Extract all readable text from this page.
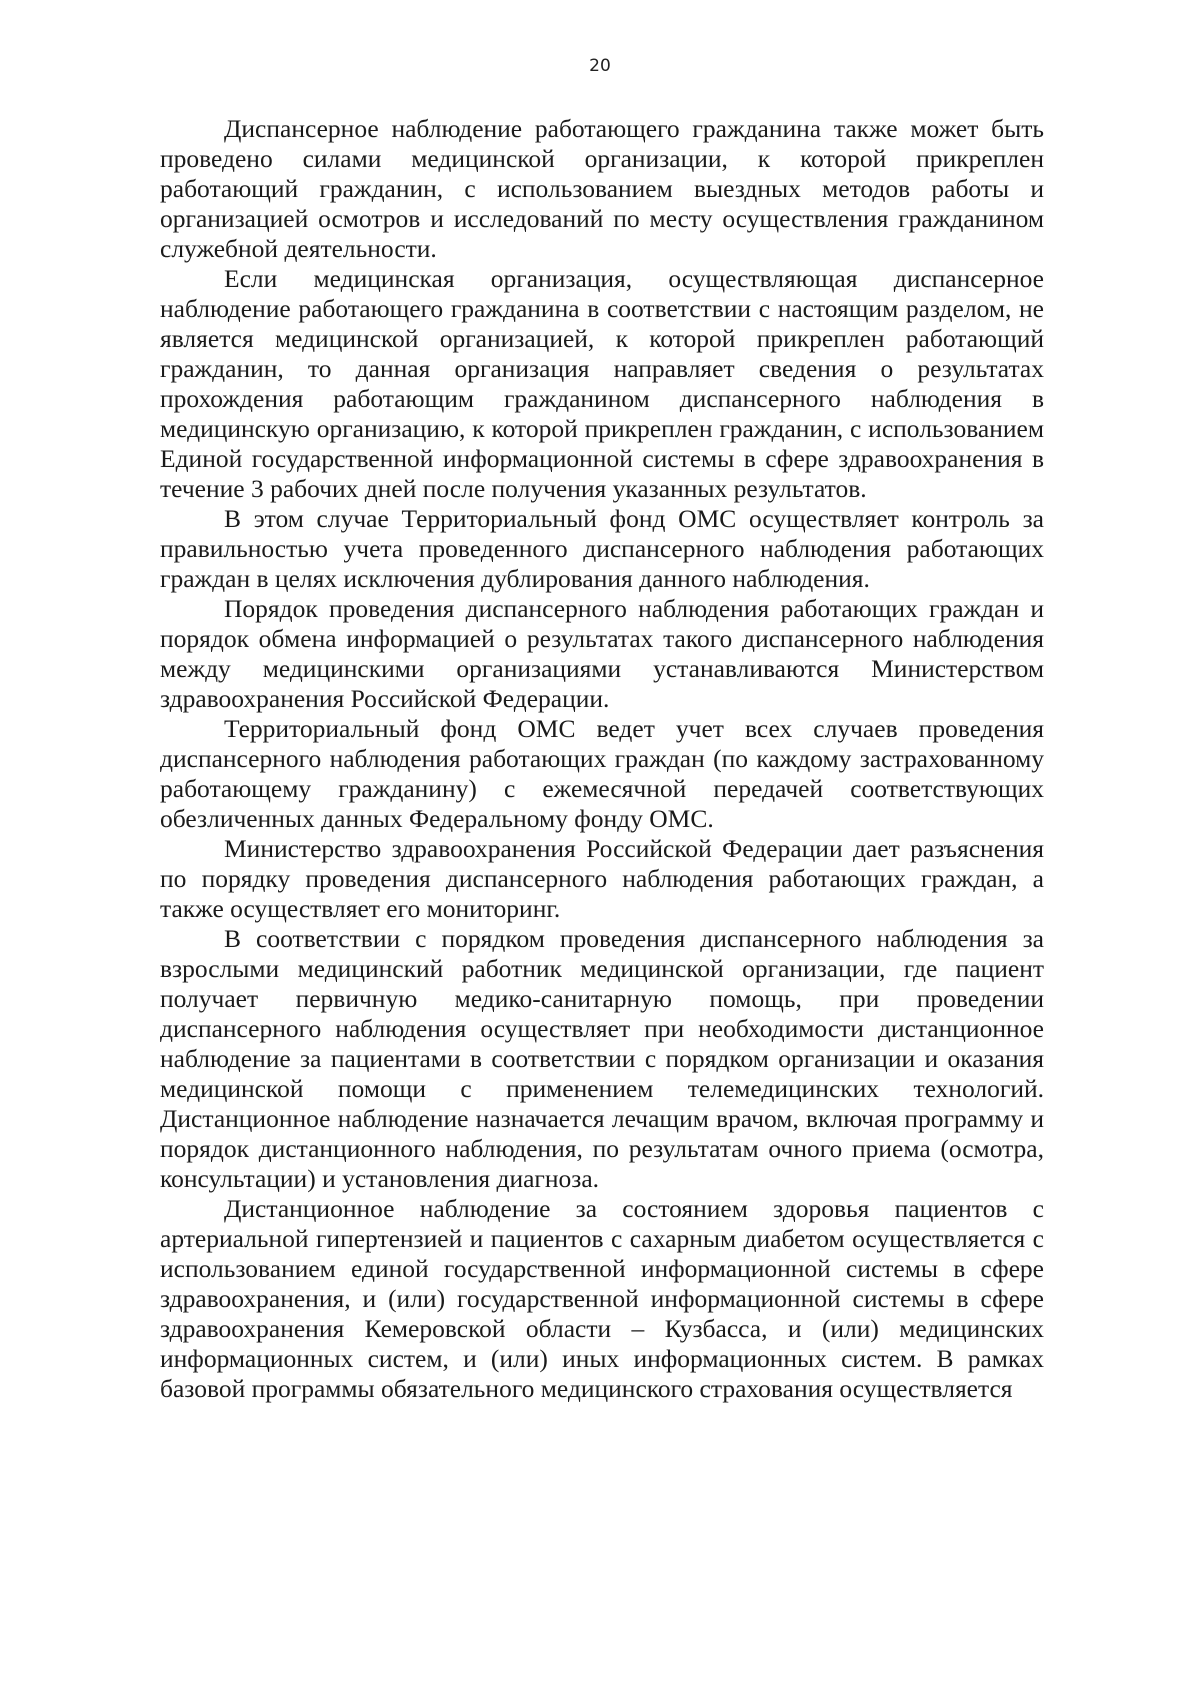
20

Диспансерное наблюдение работающего гражданина также может быть проведено силами медицинской организации, к которой прикреплен работающий гражданин, с использованием выездных методов работы и организацией осмотров и исследований по месту осуществления гражданином служебной деятельности.

Если медицинская организация, осуществляющая диспансерное наблюдение работающего гражданина в соответствии с настоящим разделом, не является медицинской организацией, к которой прикреплен работающий гражданин, то данная организация направляет сведения о результатах прохождения работающим гражданином диспансерного наблюдения в медицинскую организацию, к которой прикреплен гражданин, с использованием Единой государственной информационной системы в сфере здравоохранения в течение 3 рабочих дней после получения указанных результатов.

В этом случае Территориальный фонд ОМС осуществляет контроль за правильностью учета проведенного диспансерного наблюдения работающих граждан в целях исключения дублирования данного наблюдения.

Порядок проведения диспансерного наблюдения работающих граждан и порядок обмена информацией о результатах такого диспансерного наблюдения между медицинскими организациями устанавливаются Министерством здравоохранения Российской Федерации.

Территориальный фонд ОМС ведет учет всех случаев проведения диспансерного наблюдения работающих граждан (по каждому застрахованному работающему гражданину) с ежемесячной передачей соответствующих обезличенных данных Федеральному фонду ОМС.

Министерство здравоохранения Российской Федерации дает разъяснения по порядку проведения диспансерного наблюдения работающих граждан, а также осуществляет его мониторинг.

В соответствии с порядком проведения диспансерного наблюдения за взрослыми медицинский работник медицинской организации, где пациент получает первичную медико-санитарную помощь, при проведении диспансерного наблюдения осуществляет при необходимости дистанционное наблюдение за пациентами в соответствии с порядком организации и оказания медицинской помощи с применением телемедицинских технологий. Дистанционное наблюдение назначается лечащим врачом, включая программу и порядок дистанционного наблюдения, по результатам очного приема (осмотра, консультации) и установления диагноза.

Дистанционное наблюдение за состоянием здоровья пациентов с артериальной гипертензией и пациентов с сахарным диабетом осуществляется с использованием единой государственной информационной системы в сфере здравоохранения, и (или) государственной информационной системы в сфере здравоохранения Кемеровской области – Кузбасса, и (или) медицинских информационных систем, и (или) иных информационных систем. В рамках базовой программы обязательного медицинского страхования осуществляется
